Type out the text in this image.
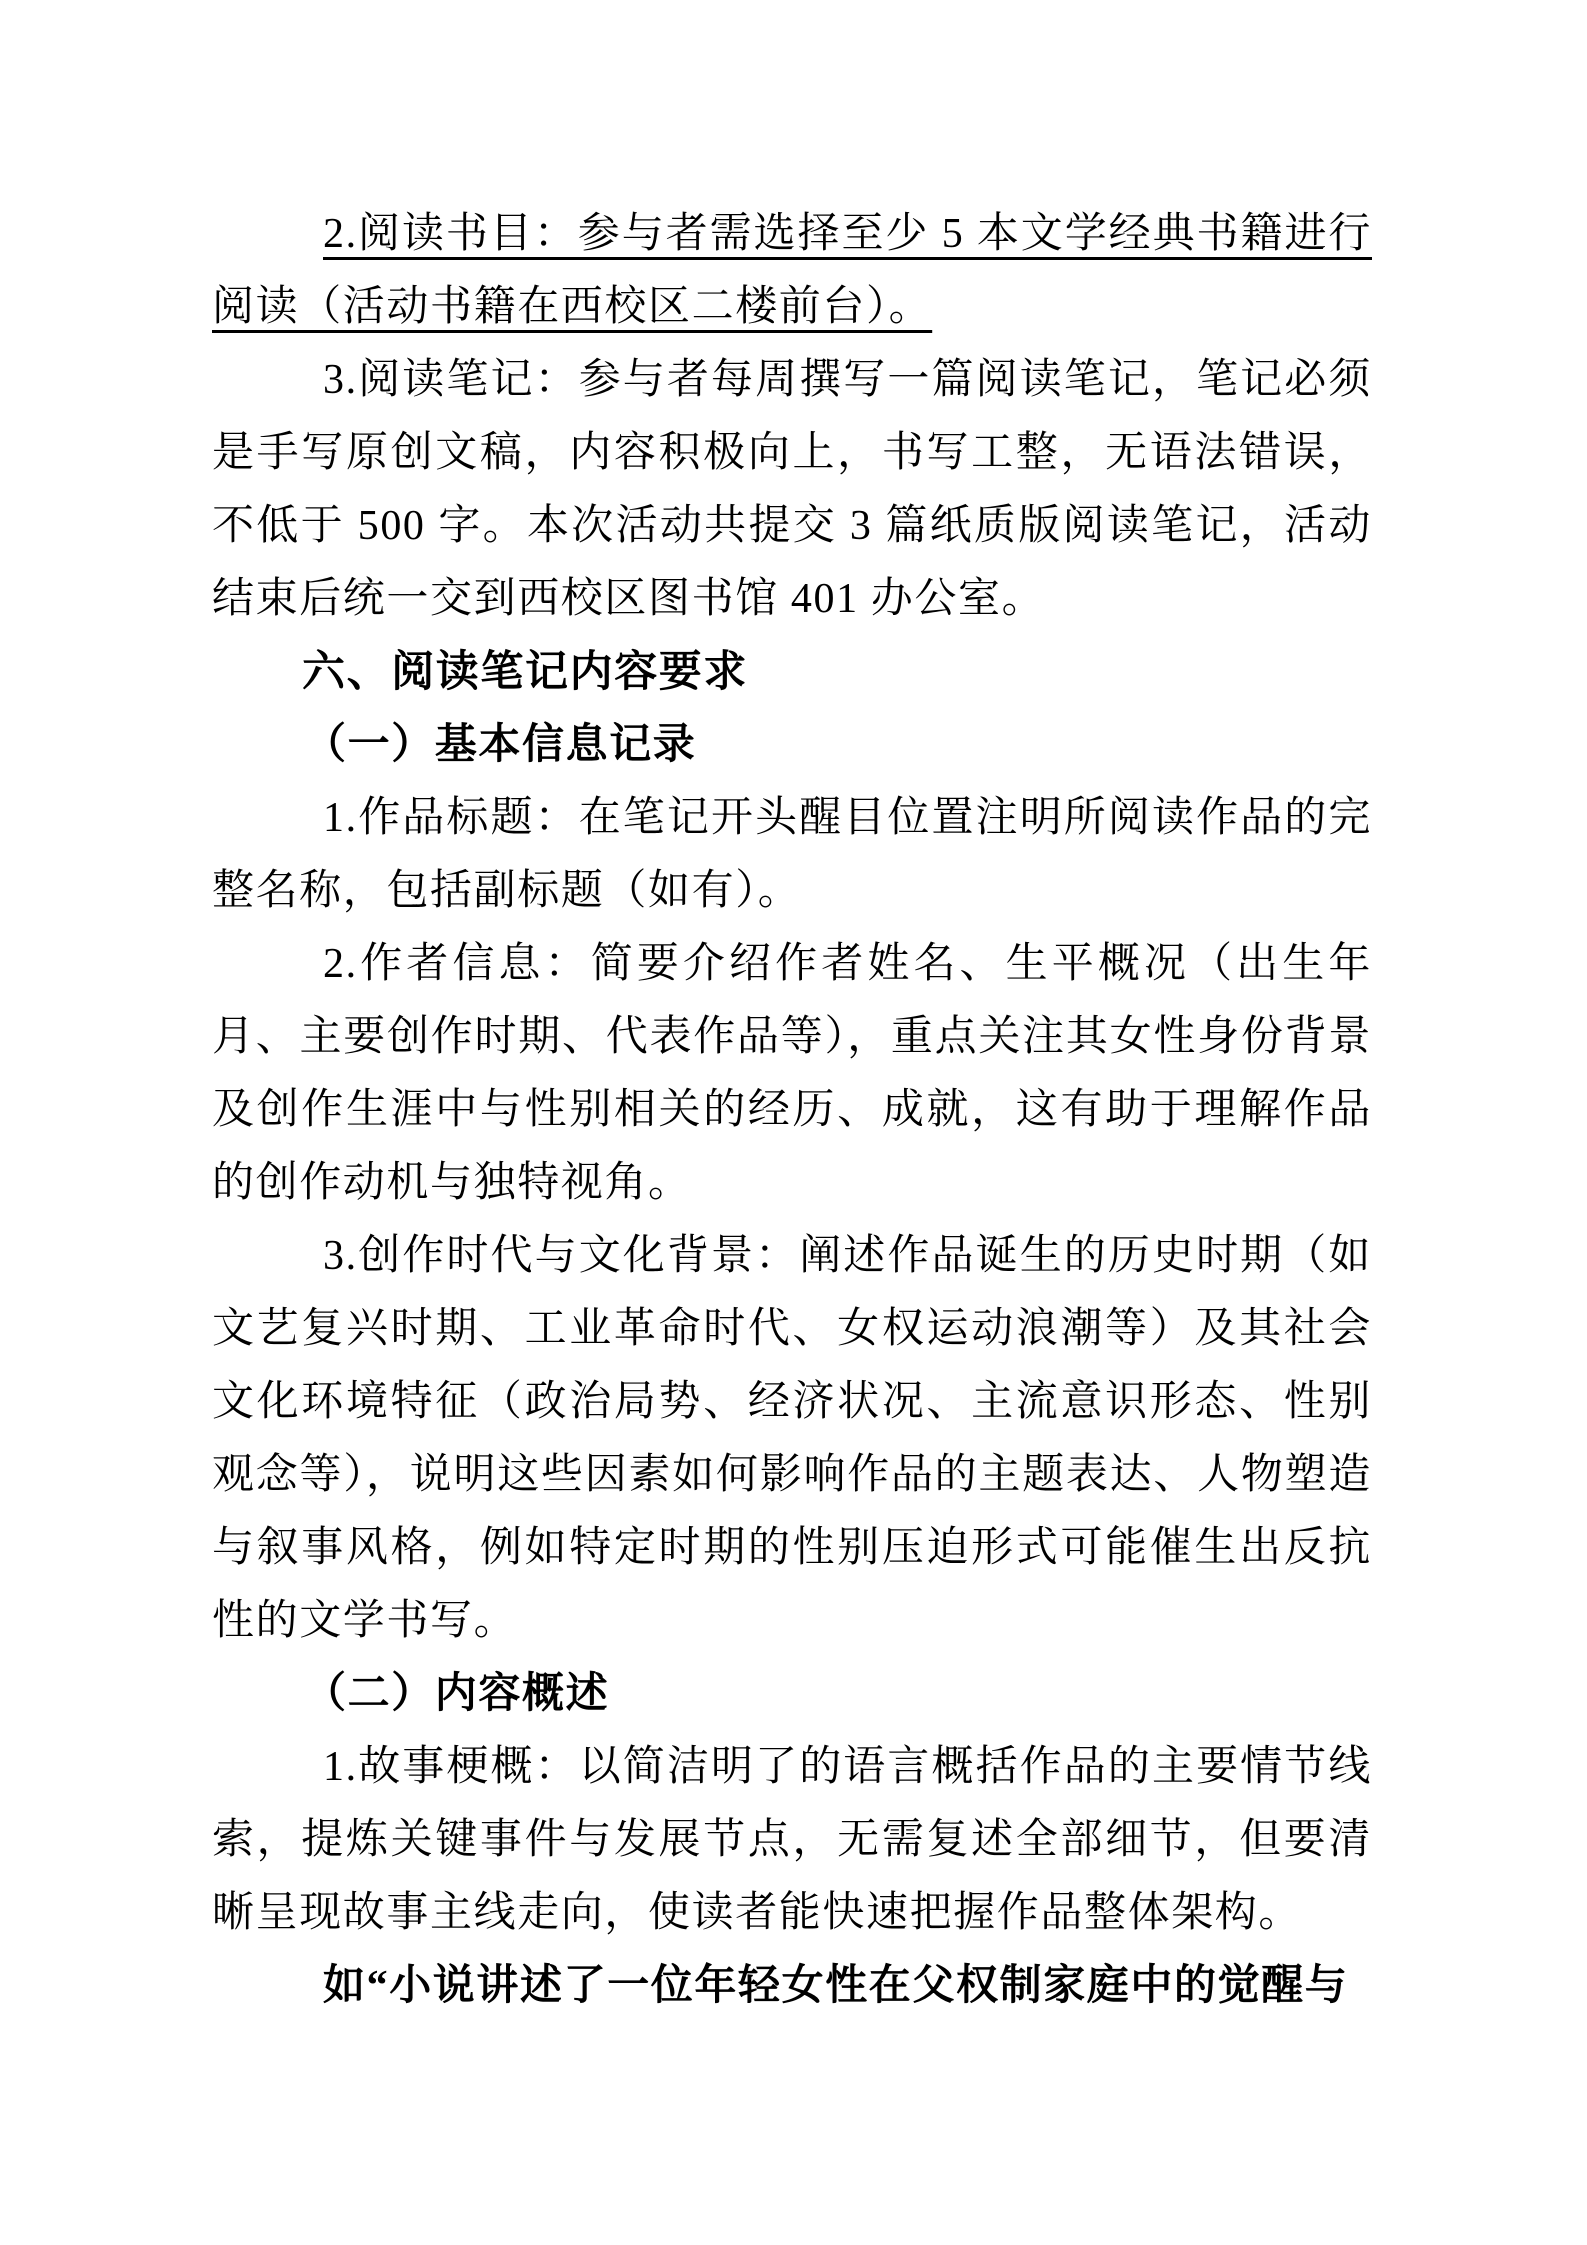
2.阅读书目：参与者需选择至少 5 本文学经典书籍进行阅读（活动书籍在西校区二楼前台）。

3.阅读笔记：参与者每周撰写一篇阅读笔记，笔记必须是手写原创文稿，内容积极向上，书写工整，无语法错误，不低于 500 字。本次活动共提交 3 篇纸质版阅读笔记，活动结束后统一交到西校区图书馆 401 办公室。

六、阅读笔记内容要求
（一）基本信息记录

1.作品标题：在笔记开头醒目位置注明所阅读作品的完整名称，包括副标题（如有）。

2.作者信息：简要介绍作者姓名、生平概况（出生年月、主要创作时期、代表作品等），重点关注其女性身份背景及创作生涯中与性别相关的经历、成就，这有助于理解作品的创作动机与独特视角。

3.创作时代与文化背景：阐述作品诞生的历史时期（如文艺复兴时期、工业革命时代、女权运动浪潮等）及其社会文化环境特征（政治局势、经济状况、主流意识形态、性别观念等），说明这些因素如何影响作品的主题表达、人物塑造与叙事风格，例如特定时期的性别压迫形式可能催生出反抗性的文学书写。

（二）内容概述

1.故事梗概：以简洁明了的语言概括作品的主要情节线索，提炼关键事件与发展节点，无需复述全部细节，但要清晰呈现故事主线走向，使读者能快速把握作品整体架构。

如“小说讲述了一位年轻女性在父权制家庭中的觉醒与
